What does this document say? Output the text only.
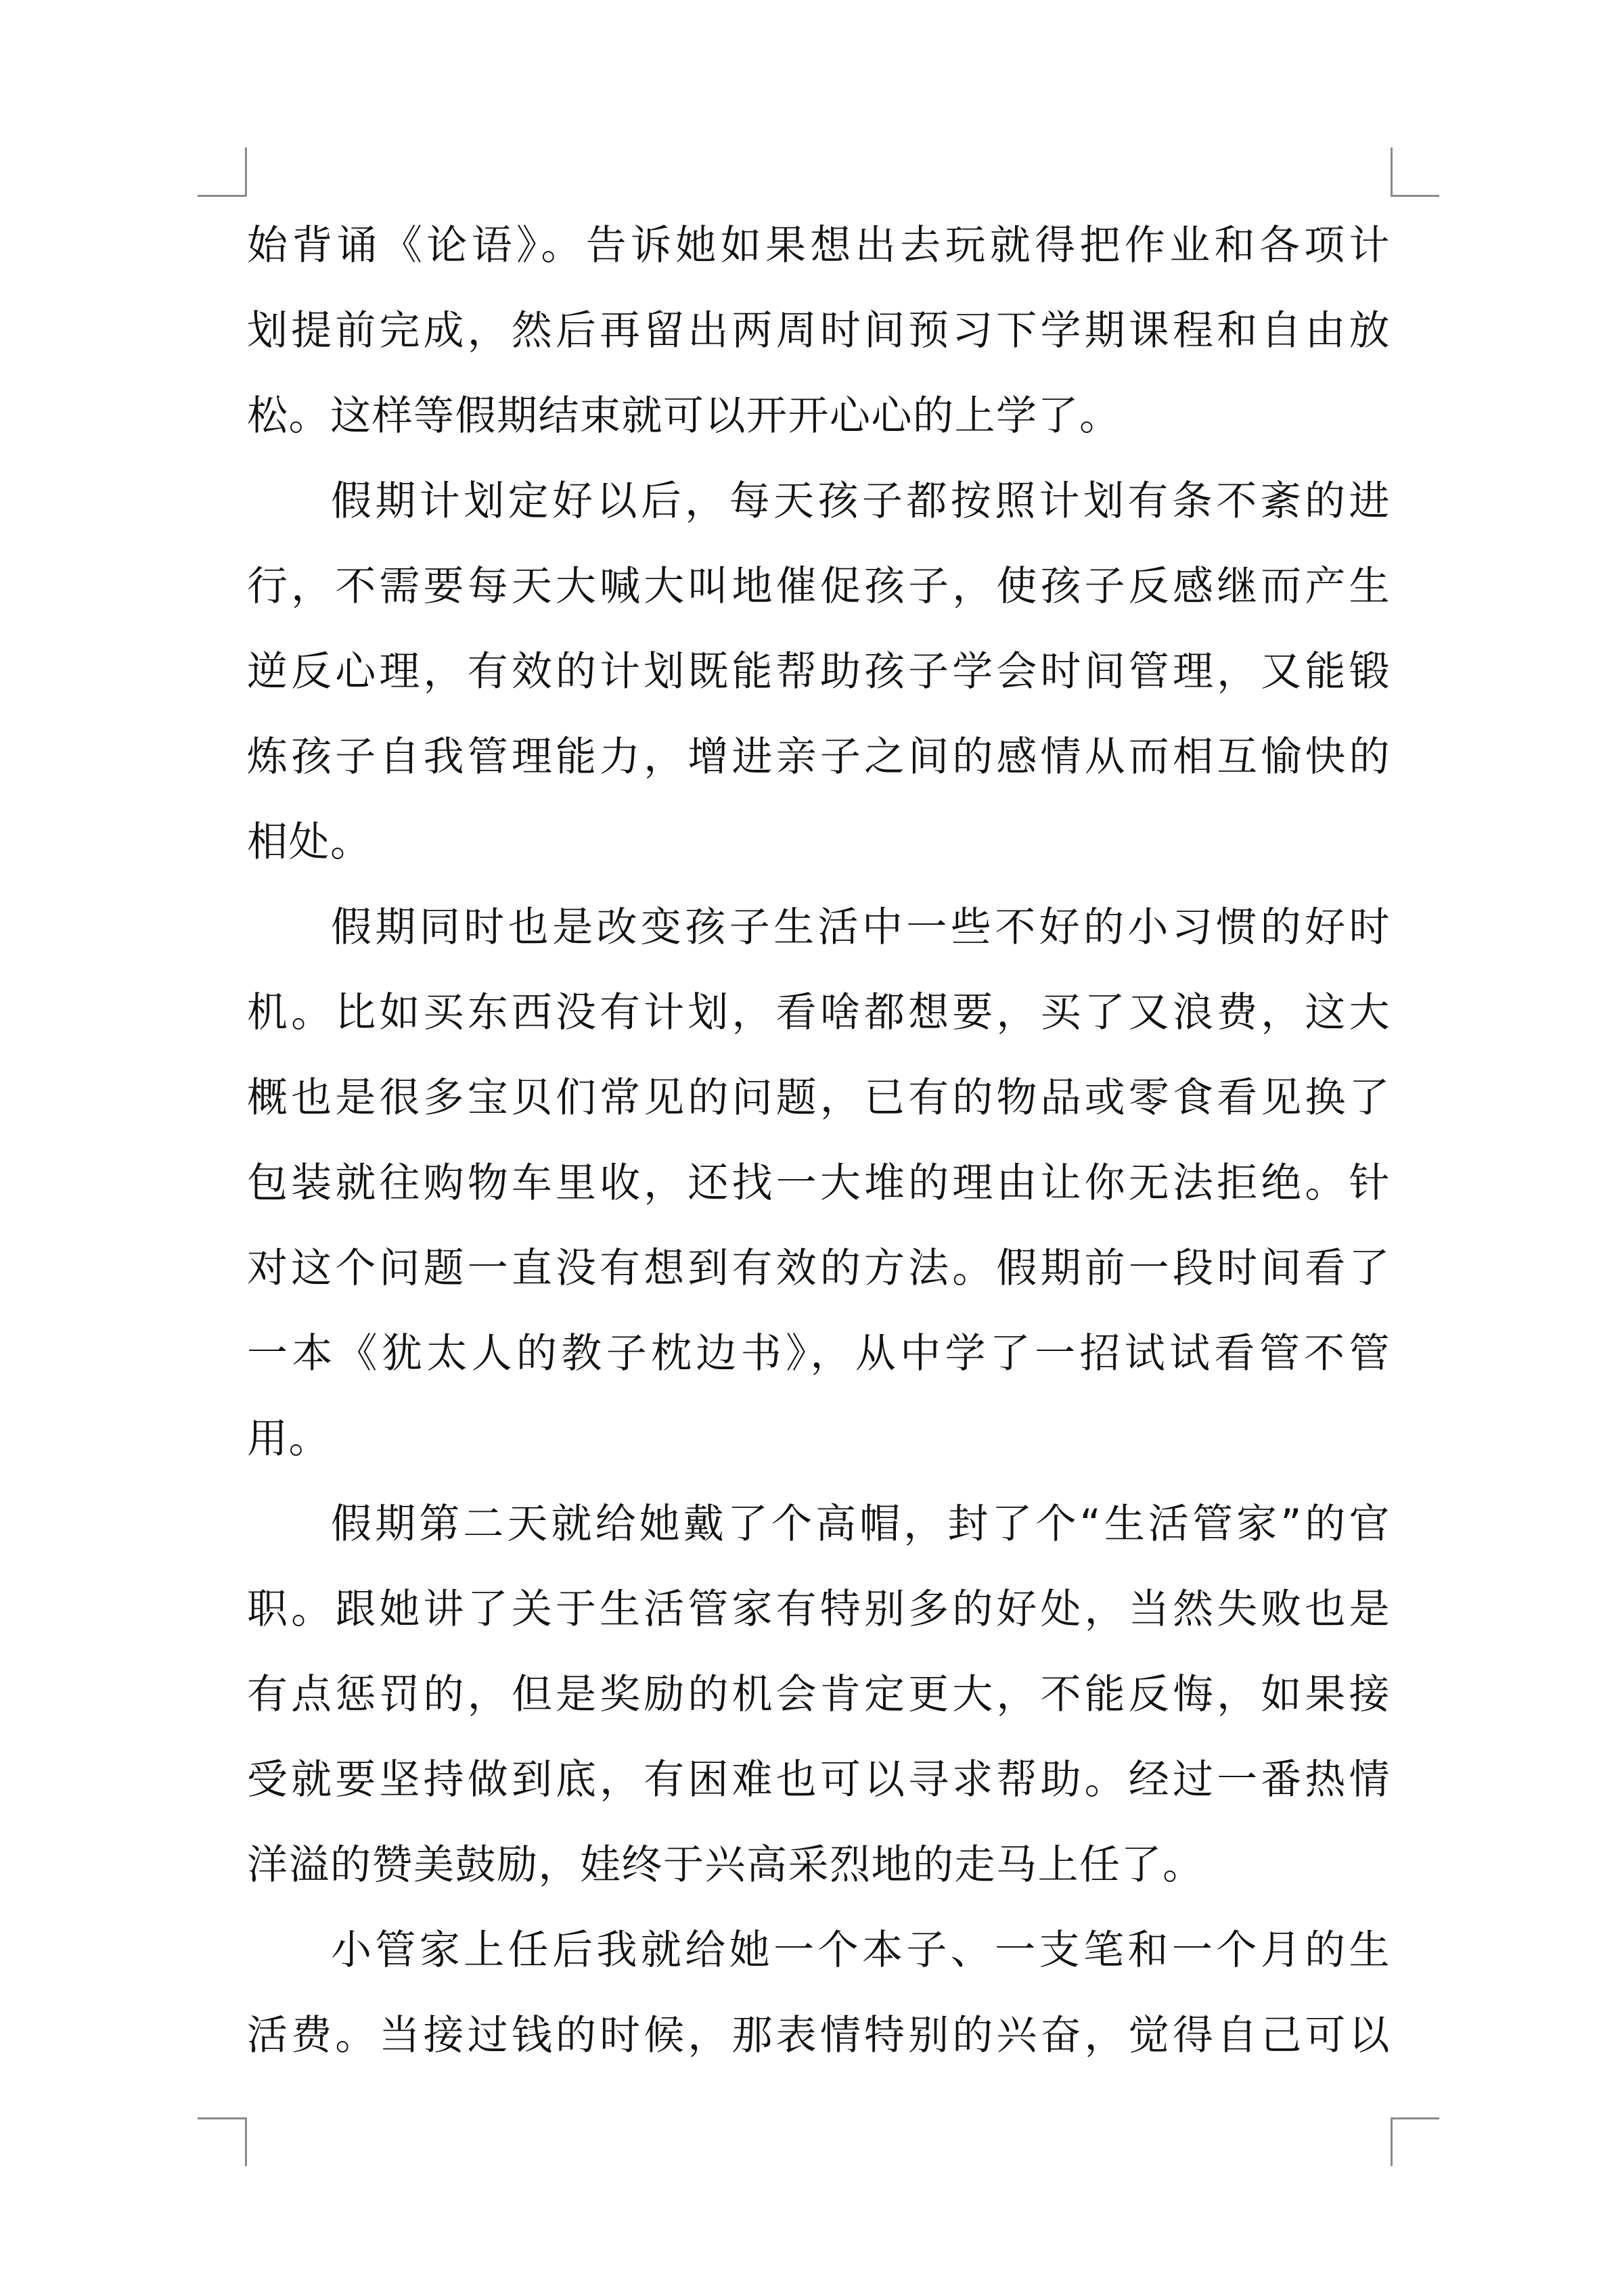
始背诵《论语》。告诉她如果想出去玩就得把作业和各项计
划提前完成，然后再留出两周时间预习下学期课程和自由放
松。这样等假期结束就可以开开心心的上学了。
假期计划定好以后，每天孩子都按照计划有条不紊的进
行，不需要每天大喊大叫地催促孩子，使孩子反感继而产生
逆反心理，有效的计划既能帮助孩子学会时间管理，又能锻
炼孩子自我管理能力，增进亲子之间的感情从而相互愉快的
相处。
假期同时也是改变孩子生活中一些不好的小习惯的好时
机。比如买东西没有计划，看啥都想要，买了又浪费，这大
概也是很多宝贝们常见的问题，已有的物品或零食看见换了
包装就往购物车里收，还找一大堆的理由让你无法拒绝。针
对这个问题一直没有想到有效的方法。假期前一段时间看了
一本《犹太人的教子枕边书》，从中学了一招试试看管不管
用。
假期第二天就给她戴了个高帽，封了个“生活管家”的官
职。跟她讲了关于生活管家有特别多的好处，当然失败也是
有点惩罚的，但是奖励的机会肯定更大，不能反悔，如果接
受就要坚持做到底，有困难也可以寻求帮助。经过一番热情
洋溢的赞美鼓励，娃终于兴高采烈地的走马上任了。
小管家上任后我就给她一个本子、一支笔和一个月的生
活费。当接过钱的时候，那表情特别的兴奋，觉得自己可以
